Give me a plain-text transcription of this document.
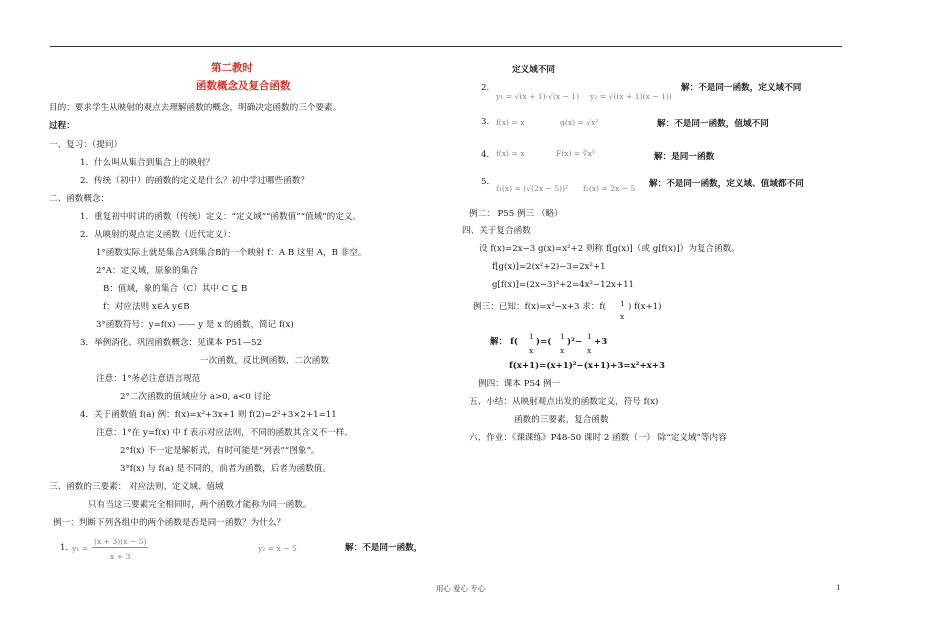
第二教时
函数概念及复合函数
目的：要求学生从映射的观点去理解函数的概念，明确决定函数的三个要素。
过程：
一、复习：（提问）
1．什么叫从集合到集合上的映射？
2．传统（初中）的函数的定义是什么？初中学过哪些函数？
二、函数概念：
1．重复初中时讲的函数（传统）定义：“定义域”“函数值”“值域”的定义。
2．从映射的观点定义函数（近代定义）：
1°函数实际上就是集合A到集合B的一个映射 f：A B 这里 A，B 非空。
2°A：定义域，原象的集合
B：值域，象的集合（C）其中 C ⊆ B
f：对应法则 x∈A y∈B
3°函数符号：y=f(x) —— y 是 x 的函数，简记 f(x)
3．举例消化、巩固函数概念：见课本 P51—52
一次函数，反比例函数，二次函数
注意：1°务必注意语言规范
2°二次函数的值域应分 a>0, a<0 讨论
4．关于函数值 f(a) 例：f(x)=x²+3x+1 则 f(2)=2²+3×2+1=11
注意：1°在 y=f(x) 中 f 表示对应法则，不同的函数其含义不一样。
2°f(x) 不一定是解析式，有时可能是“列表”“图象”。
3°f(x) 与 f(a) 是不同的，前者为函数，后者为函数值。
三、函数的三要素： 对应法则、定义域、值域
只有当这三要素完全相同时，两个函数才能称为同一函数。
例一：判断下列各组中的两个函数是否是同一函数？为什么？
1．
y₁ =
(x + 3)(x − 5)
x + 3
y₂ = x − 5	解：不是同一函数，
定义域不同
2．
y₁ = √(x + 1)·√(x − 1) y₂ = √((x + 1)(x − 1))
解：不是同一函数，定义域不同
3． f(x) = x	g(x) = √x²	解：不是同一函数，值域不同
4． f(x) = x	F(x) = ∛x³	解：是同一函数
5．
f₁(x) = (√(2x − 5))² f₂(x) = 2x − 5 解：不是同一函数，定义域、值域都不同
例二： P55 例三 （略）
四、关于复合函数
设 f(x)=2x−3 g(x)=x²+2 则称 f[g(x)]（或 g[f(x)]）为复合函数。
f[g(x)]=2(x²+2)−3=2x²+1
g[f(x)]=(2x−3)²+2=4x²−12x+11
例三：已知：f(x)=x²−x+3 求：f( 1
x
) f(x+1)
解： f(
1
x
)=(
1
x
)²−
1
x
+3
f(x+1)=(x+1)²−(x+1)+3=x²+x+3
例四：课本 P54 例一
五、小结：从映射观点出发的函数定义，符号 f(x)
函数的三要素，复合函数
六、作业：《课课练》P48-50 课时 2 函数（一） 除“定义域”等内容
用心 爱心 专心	1
